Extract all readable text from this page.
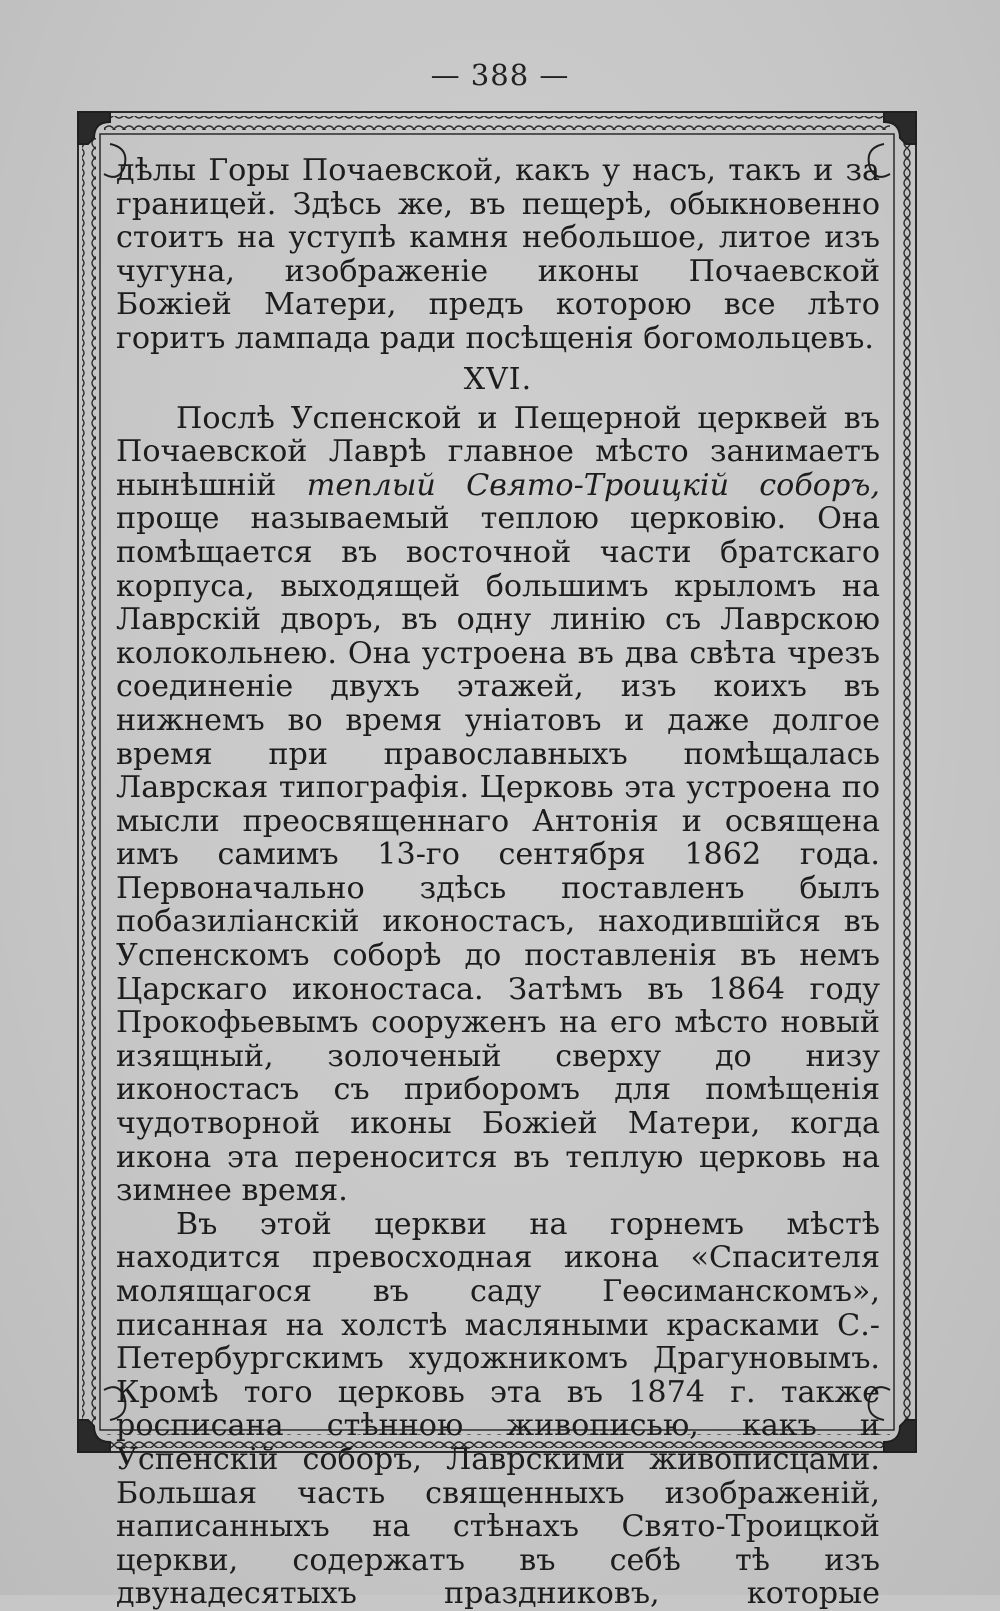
— 388 —

дѣлы Горы Почаевской, какъ у насъ, такъ и за границей. Здѣсь же, въ пещерѣ, обыкновенно стоитъ на уступѣ камня небольшое, литое изъ чугуна, изображеніе иконы Почаевской Божіей Матери, предъ которою все лѣто горитъ лампада ради посѣщенія богомольцевъ.

XVI.

Послѣ Успенской и Пещерной церквей въ Почаевской Лаврѣ главное мѣсто занимаетъ нынѣшній теплый Свято-Троицкій соборъ, проще называемый теплою церковію. Она помѣщается въ восточной части братскаго корпуса, выходящей большимъ крыломъ на Лаврскій дворъ, въ одну линію съ Лаврскою колокольнею. Она устроена въ два свѣта чрезъ соединеніе двухъ этажей, изъ коихъ въ нижнемъ во время уніатовъ и даже долгое время при православныхъ помѣщалась Лаврская типографія. Церковь эта устроена по мысли преосвященнаго Антонія и освящена имъ самимъ 13-го сентября 1862 года. Первоначально здѣсь поставленъ былъ побазиліанскій иконостасъ, находившійся въ Успенскомъ соборѣ до поставленія въ немъ Царскаго иконостаса. Затѣмъ въ 1864 году Прокофьевымъ сооруженъ на его мѣсто новый изящный, золоченый сверху до низу иконостасъ съ приборомъ для помѣщенія чудотворной иконы Божіей Матери, когда икона эта переносится въ теплую церковь на зимнее время.

Въ этой церкви на горнемъ мѣстѣ находится превосходная икона «Спасителя молящагося въ саду Геѳсиманскомъ», писанная на холстѣ масляными красками С.-Петербургскимъ художникомъ Драгуновымъ. Кромѣ того церковь эта въ 1874 г. также росписана стѣнною живописью, какъ и Успенскій соборъ, Лаврскими живописцами. Большая часть священныхъ изображеній, написанныхъ на стѣнахъ Свято-Троицкой церкви, содержатъ въ себѣ тѣ изъ двунадесятыхъ праздниковъ, которые
